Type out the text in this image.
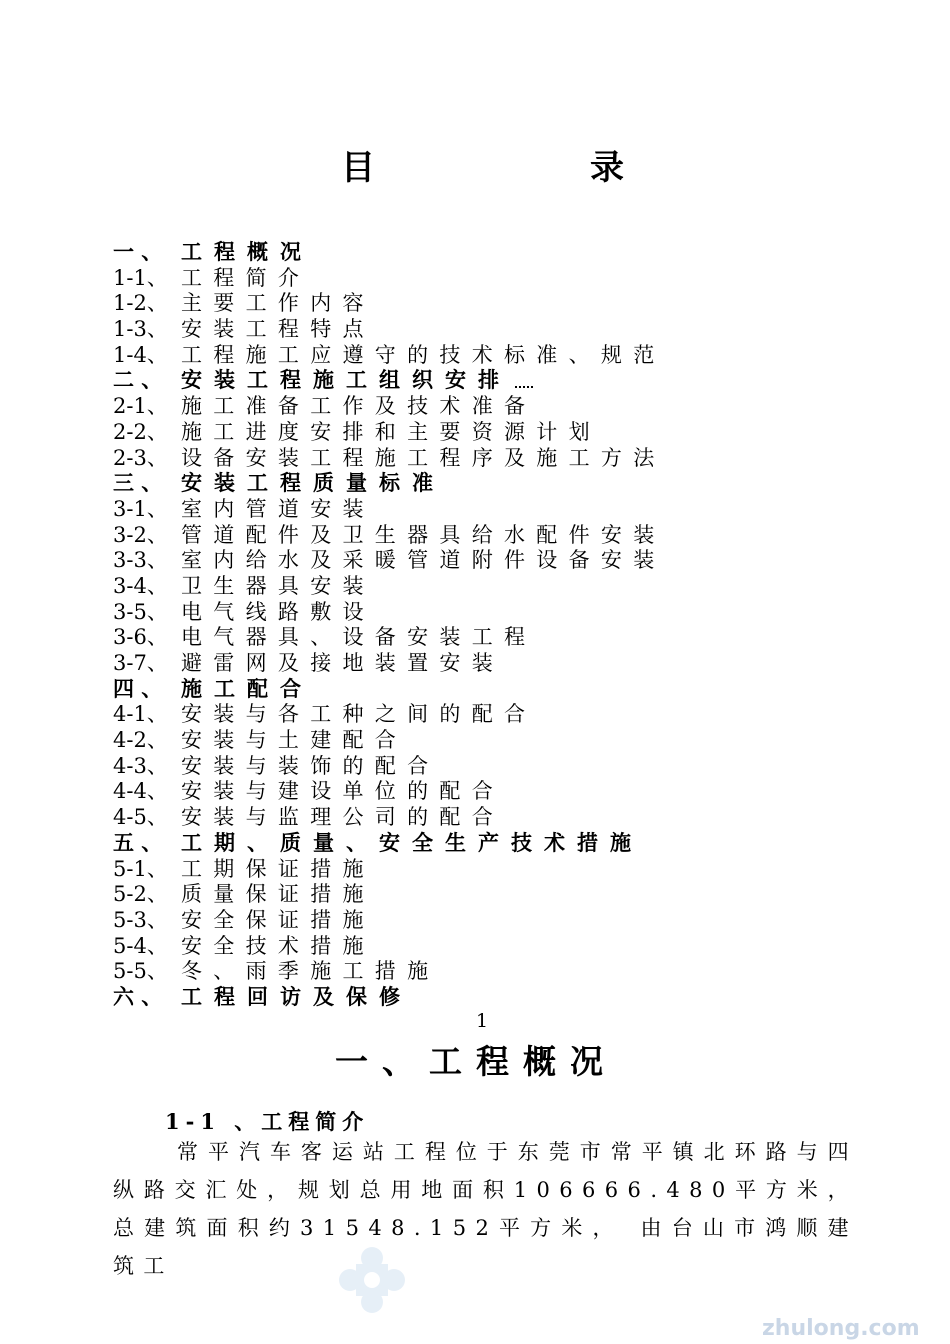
目	录
一 、 工程概况
1-1、 工程简介
1-2、 主要工作内容
1-3、 安装工程特点
1-4、 工程施工应遵守的技术标准、规范
二 、 安装工程施工组织安排
2-1、 施工准备工作及技术准备
2-2、 施工进度安排和主要资源计划
2-3、 设备安装工程施工程序及施工方法
三 、 安装工程质量标准
3-1、 室内管道安装
3-2、 管道配件及卫生器具给水配件安装
3-3、 室内给水及采暖管道附件设备安装
3-4、 卫生器具安装
3-5、 电气线路敷设
3-6、 电气器具、设备安装工程
3-7、 避雷网及接地装置安装
四 、 施工配合
4-1、 安装与各工种之间的配合
4-2、 安装与土建配合
4-3、 安装与装饰的配合
4-4、 安装与建设单位的配合
4-5、 安装与监理公司的配合
五 、 工期、质量、安全生产技术措施
5-1、 工期保证措施
5-2、 质量保证措施
5-3、 安全保证措施
5-4、 安全技术措施
5-5、 冬、雨季施工措施
六 、 工程回访及保修
1
一、工程概况
1-1 、工程简介
常平汽车客运站工程位于东莞市常平镇北环路与四纵路交汇处，规划总用地面积106666.480平方米，总建筑面积约31548.152平方米， 由台山市鸿顺建筑工
zhulong.com
